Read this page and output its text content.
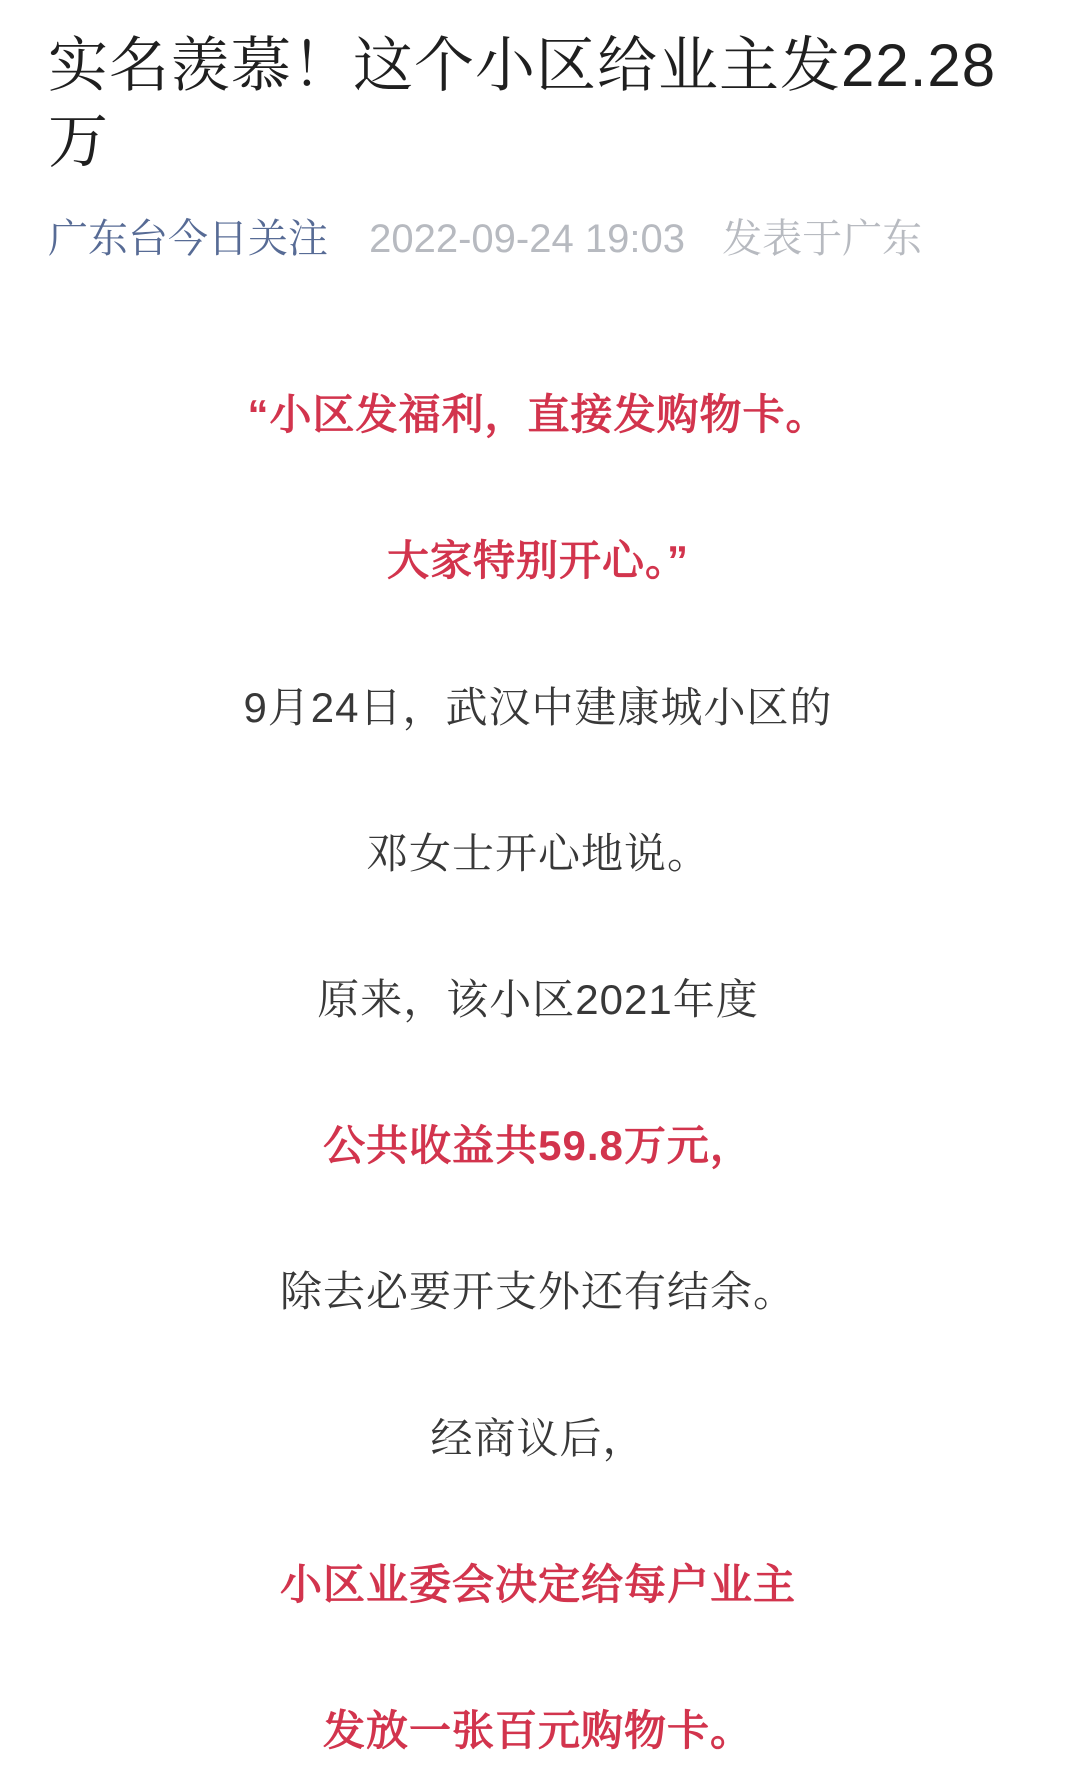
实名羡慕！这个小区给业主发22.28
万
广东台今日关注 2022-09-24 19:03 发表于广东

“小区发福利，直接发购物卡。

大家特别开心。”

9月24日，武汉中建康城小区的

邓女士开心地说。

原来，该小区2021年度

公共收益共59.8万元，

除去必要开支外还有结余。

经商议后，

小区业委会决定给每户业主

发放一张百元购物卡。
